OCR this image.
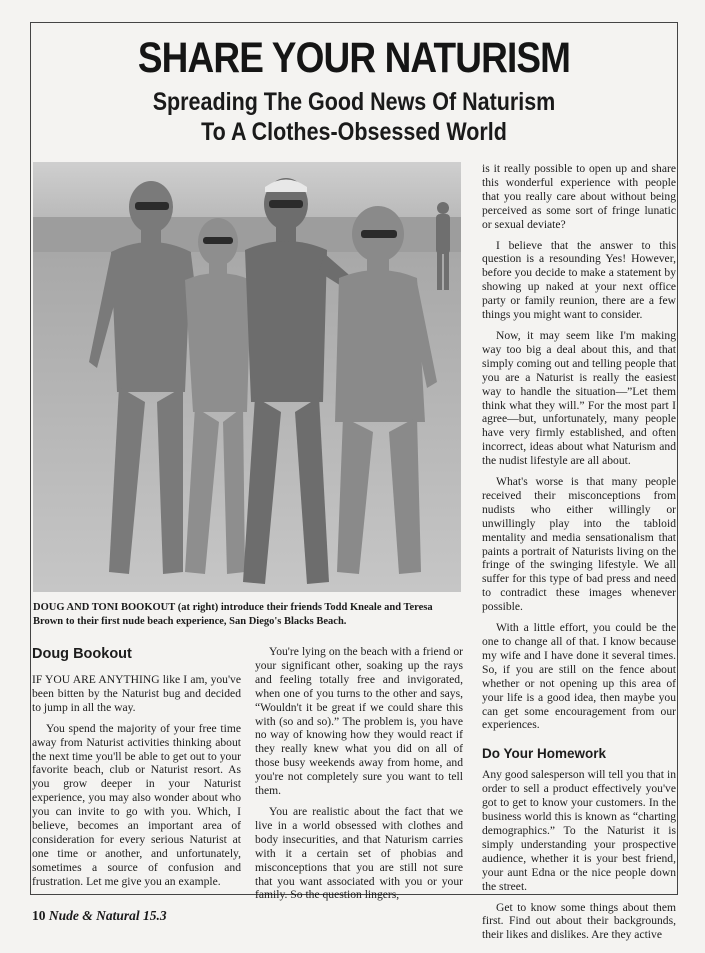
SHARE YOUR NATURISM
Spreading The Good News Of Naturism
To A Clothes-Obsessed World

DOUG AND TONI BOOKOUT (at right) introduce their friends Todd Kneale and Teresa Brown to their first nude beach experience, San Diego's Blacks Beach.

Doug Bookout

IF YOU ARE ANYTHING like I am, you've been bitten by the Naturist bug and decided to jump in all the way.

You spend the majority of your free time away from Naturist activities thinking about the next time you'll be able to get out to your favorite beach, club or Naturist resort. As you grow deeper in your Naturist experience, you may also wonder about who you can invite to go with you. Which, I believe, becomes an important area of consideration for every serious Naturist at one time or another, and unfortunately, sometimes a source of confusion and frustration. Let me give you an example.

You're lying on the beach with a friend or your significant other, soaking up the rays and feeling totally free and invigorated, when one of you turns to the other and says, “Wouldn't it be great if we could share this with (so and so).” The problem is, you have no way of knowing how they would react if they really knew what you did on all of those busy weekends away from home, and you're not completely sure you want to tell them.

You are realistic about the fact that we live in a world obsessed with clothes and body insecurities, and that Naturism carries with it a certain set of phobias and misconceptions that you are still not sure that you want associated with you or your family. So the question lingers,

is it really possible to open up and share this wonderful experience with people that you really care about without being perceived as some sort of fringe lunatic or sexual deviate?

I believe that the answer to this question is a resounding Yes! However, before you decide to make a statement by showing up naked at your next office party or family reunion, there are a few things you might want to consider.

Now, it may seem like I'm making way too big a deal about this, and that simply coming out and telling people that you are a Naturist is really the easiest way to handle the situation—”Let them think what they will.” For the most part I agree—but, unfortunately, many people have very firmly established, and often incorrect, ideas about what Naturism and the nudist lifestyle are all about.

What's worse is that many people received their misconceptions from nudists who either willingly or unwillingly play into the tabloid mentality and media sensationalism that paints a portrait of Naturists living on the fringe of the swinging lifestyle. We all suffer for this type of bad press and need to contradict these images whenever possible.

With a little effort, you could be the one to change all of that. I know because my wife and I have done it several times. So, if you are still on the fence about whether or not opening up this area of your life is a good idea, then maybe you can get some encouragement from our experiences.

Do Your Homework

Any good salesperson will tell you that in order to sell a product effectively you've got to get to know your customers. In the business world this is known as “charting demographics.” To the Naturist it is simply understanding your prospective audience, whether it is your best friend, your aunt Edna or the nice people down the street.

Get to know some things about them first. Find out about their backgrounds, their likes and dislikes. Are they active

10 Nude & Natural 15.3
